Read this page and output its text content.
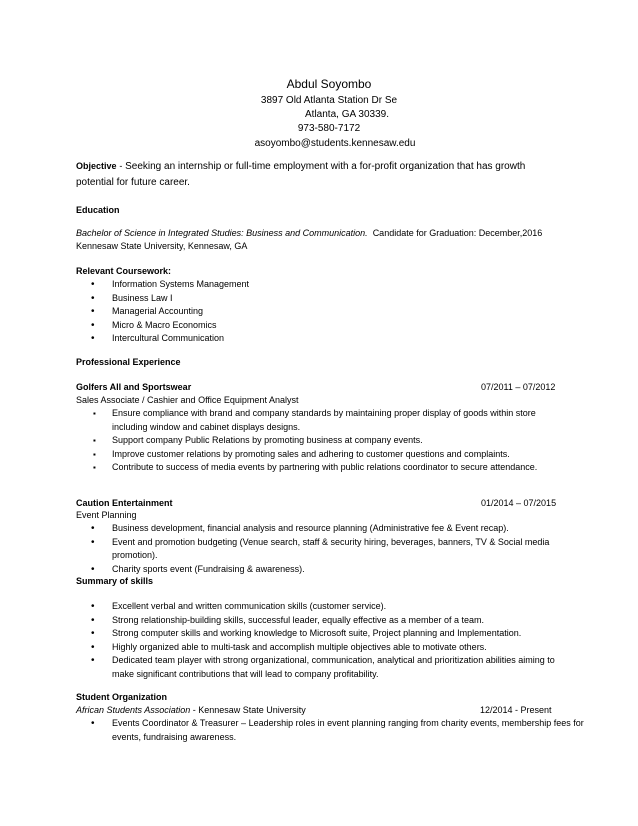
Abdul Soyombo
3897 Old Atlanta Station Dr Se
Atlanta, GA 30339.
973-580-7172
asoyombo@students.kennesaw.edu
Objective - Seeking an internship or full-time employment with a for-profit organization that has growth
potential for future career.
Education
Bachelor of Science in Integrated Studies: Business and Communication. Candidate for Graduation: December,2016
Kennesaw State University, Kennesaw, GA
Relevant Coursework:
• Information Systems Management
• Business Law I
• Managerial Accounting
• Micro & Macro Economics
• Intercultural Communication
Professional Experience
Golfers All and Sportswear	07/2011 – 07/2012
Sales Associate / Cashier and Office Equipment Analyst
▪ Ensure compliance with brand and company standards by maintaining proper display of goods within store including window and cabinet displays designs.
▪ Support company Public Relations by promoting business at company events.
▪ Improve customer relations by promoting sales and adhering to customer questions and complaints.
▪ Contribute to success of media events by partnering with public relations coordinator to secure attendance.
Caution Entertainment	01/2014 – 07/2015
Event Planning
• Business development, financial analysis and resource planning (Administrative fee & Event recap).
• Event and promotion budgeting (Venue search, staff & security hiring, beverages, banners, TV & Social media promotion).
• Charity sports event (Fundraising & awareness).
Summary of skills
• Excellent verbal and written communication skills (customer service).
• Strong relationship-building skills, successful leader, equally effective as a member of a team.
• Strong computer skills and working knowledge to Microsoft suite, Project planning and Implementation.
• Highly organized able to multi-task and accomplish multiple objectives able to motivate others.
• Dedicated team player with strong organizational, communication, analytical and prioritization abilities aiming to make significant contributions that will lead to company profitability.
Student Organization
African Students Association - Kennesaw State University	12/2014 - Present
• Events Coordinator & Treasurer – Leadership roles in event planning ranging from charity events, membership fees for events, fundraising awareness.
